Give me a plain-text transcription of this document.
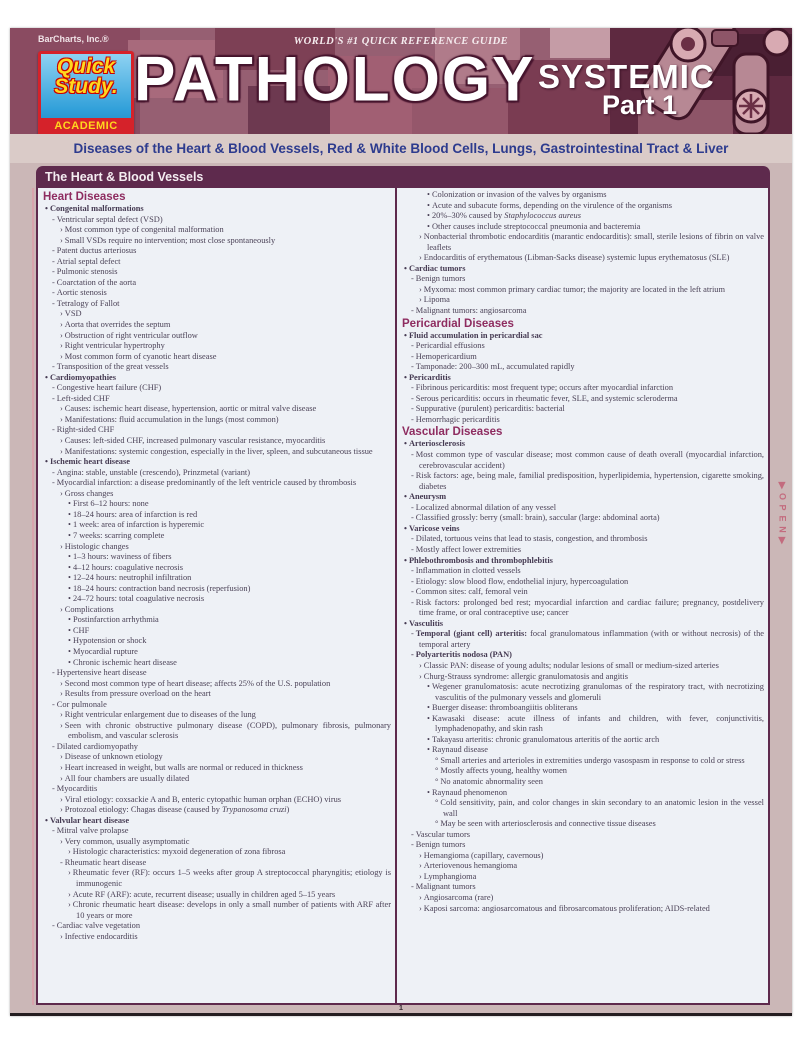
BarCharts, Inc.®	WORLD'S #1 QUICK REFERENCE GUIDE
Quick
Study.
ACADEMIC
PATHOLOGY SYSTEMIC
Part 1
Diseases of the Heart & Blood Vessels, Red & White Blood Cells, Lungs, Gastrointestinal Tract & Liver
The Heart & Blood Vessels
Heart Diseases
• Congenital malformations
- Ventricular septal defect (VSD)
› Most common type of congenital malformation
› Small VSDs require no intervention; most close spontaneously
- Patent ductus arteriosus
- Atrial septal defect
- Pulmonic stenosis
- Coarctation of the aorta
- Aortic stenosis
- Tetralogy of Fallot
› VSD
› Aorta that overrides the septum
› Obstruction of right ventricular outflow
› Right ventricular hypertrophy
› Most common form of cyanotic heart disease
- Transposition of the great vessels
• Cardiomyopathies
- Congestive heart failure (CHF)
- Left-sided CHF
› Causes: ischemic heart disease, hypertension, aortic or mitral valve disease
› Manifestations: fluid accumulation in the lungs (most common)
- Right-sided CHF
› Causes: left-sided CHF, increased pulmonary vascular resistance, myocarditis
› Manifestations: systemic congestion, especially in the liver, spleen, and subcutaneous tissue
• Ischemic heart disease
- Angina: stable, unstable (crescendo), Prinzmetal (variant)
- Myocardial infarction: a disease predominantly of the left ventricle caused by thrombosis
› Gross changes
• First 6–12 hours: none
• 18–24 hours: area of infarction is red
• 1 week: area of infarction is hyperemic
• 7 weeks: scarring complete
› Histologic changes
• 1–3 hours: waviness of fibers
• 4–12 hours: coagulative necrosis
• 12–24 hours: neutrophil infiltration
• 18–24 hours: contraction band necrosis (reperfusion)
• 24–72 hours: total coagulative necrosis
› Complications
• Postinfarction arrhythmia
• CHF
• Hypotension or shock
• Myocardial rupture
• Chronic ischemic heart disease
- Hypertensive heart disease
› Second most common type of heart disease; affects 25% of the U.S. population
› Results from pressure overload on the heart
- Cor pulmonale
› Right ventricular enlargement due to diseases of the lung
› Seen with chronic obstructive pulmonary disease (COPD), pulmonary fibrosis, pulmonary embolism, and vascular sclerosis
- Dilated cardiomyopathy
› Disease of unknown etiology
› Heart increased in weight, but walls are normal or reduced in thickness
› All four chambers are usually dilated
- Myocarditis
› Viral etiology: coxsackie A and B, enteric cytopathic human orphan (ECHO) virus
› Protozoal etiology: Chagas disease (caused by Trypanosoma cruzi)
• Valvular heart disease
- Mitral valve prolapse
› Very common, usually asymptomatic
› Histologic characteristics: myxoid degeneration of zona fibrosa
- Rheumatic heart disease
› Rheumatic fever (RF): occurs 1–5 weeks after group A streptococcal pharyngitis; etiology is immunogenic
› Acute RF (ARF): acute, recurrent disease; usually in children aged 5–15 years
› Chronic rheumatic heart disease: develops in only a small number of patients with ARF after 10 years or more
- Cardiac valve vegetation
› Infective endocarditis
• Colonization or invasion of the valves by organisms
• Acute and subacute forms, depending on the virulence of the organisms
• 20%–30% caused by Staphylococcus aureus
• Other causes include streptococcal pneumonia and bacteremia
› Nonbacterial thrombotic endocarditis (marantic endocarditis): small, sterile lesions of fibrin on valve leaflets
› Endocarditis of erythematous (Libman-Sacks disease) systemic lupus erythematosus (SLE)
• Cardiac tumors
- Benign tumors
› Myxoma: most common primary cardiac tumor; the majority are located in the left atrium
› Lipoma
- Malignant tumors: angiosarcoma
Pericardial Diseases
• Fluid accumulation in pericardial sac
- Pericardial effusions
- Hemopericardium
- Tamponade: 200–300 mL, accumulated rapidly
• Pericarditis
- Fibrinous pericarditis: most frequent type; occurs after myocardial infarction
- Serous pericarditis: occurs in rheumatic fever, SLE, and systemic scleroderma
- Suppurative (purulent) pericarditis: bacterial
- Hemorrhagic pericarditis
Vascular Diseases
• Arteriosclerosis
- Most common type of vascular disease; most common cause of death overall (myocardial infarction, cerebrovascular accident)
- Risk factors: age, being male, familial predisposition, hyperlipidemia, hypertension, cigarette smoking, diabetes
• Aneurysm
- Localized abnormal dilation of any vessel
- Classified grossly: berry (small: brain), saccular (large: abdominal aorta)
• Varicose veins
- Dilated, tortuous veins that lead to stasis, congestion, and thrombosis
- Mostly affect lower extremities
• Phlebothrombosis and thrombophlebitis
- Inflammation in clotted vessels
- Etiology: slow blood flow, endothelial injury, hypercoagulation
- Common sites: calf, femoral vein
- Risk factors: prolonged bed rest; myocardial infarction and cardiac failure; pregnancy, postdelivery time frame, or oral contraceptive use; cancer
• Vasculitis
- Temporal (giant cell) arteritis: focal granulomatous inflammation (with or without necrosis) of the temporal artery
- Polyarteritis nodosa (PAN)
› Classic PAN: disease of young adults; nodular lesions of small or medium-sized arteries
› Churg-Strauss syndrome: allergic granulomatosis and angitis
• Wegener granulomatosis: acute necrotizing granulomas of the respiratory tract, with necrotizing vasculitis of the pulmonary vessels and glomeruli
• Buerger disease: thromboangiitis obliterans
• Kawasaki disease: acute illness of infants and children, with fever, conjunctivitis, lymphadenopathy, and skin rash
• Takayasu arteritis: chronic granulomatous arteritis of the aortic arch
• Raynaud disease
° Small arteries and arterioles in extremities undergo vasospasm in response to cold or stress
° Mostly affects young, healthy women
° No anatomic abnormality seen
• Raynaud phenomenon
° Cold sensitivity, pain, and color changes in skin secondary to an anatomic lesion in the vessel wall
° May be seen with arteriosclerosis and connective tissue diseases
- Vascular tumors
- Benign tumors
› Hemangioma (capillary, cavernous)
› Arteriovenous hemangioma
› Lymphangioma
- Malignant tumors
› Angiosarcoma (rare)
› Kaposi sarcoma: angiosarcomatous and fibrosarcomatous proliferation; AIDS-related
▶
O
P
E
N
▶
1
